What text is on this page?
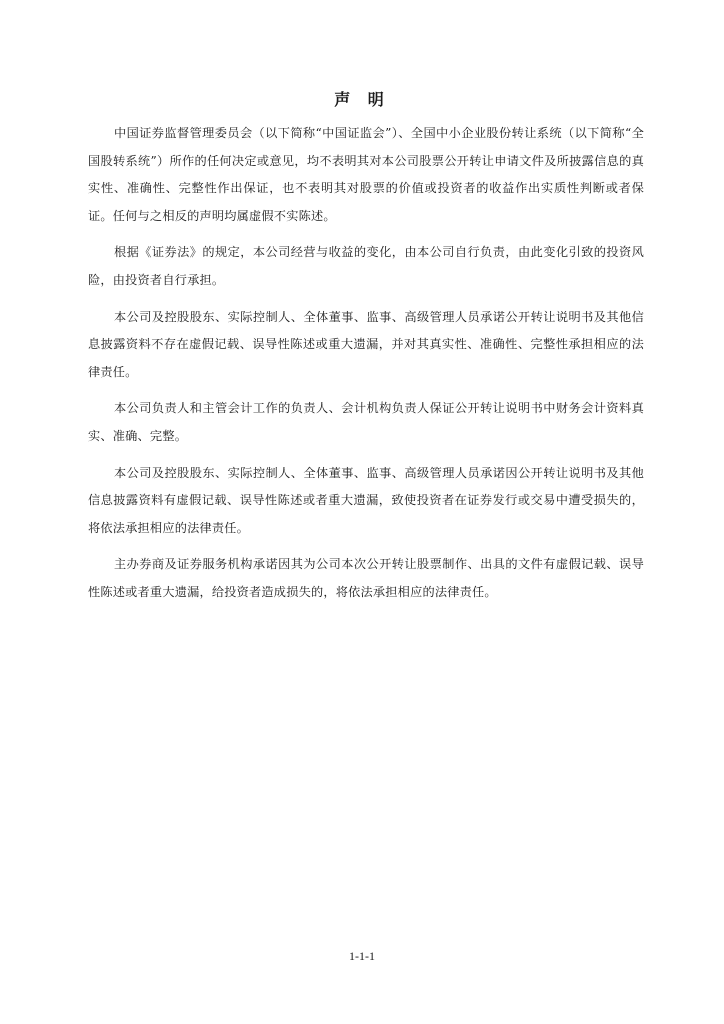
声 明

中国证券监督管理委员会（以下简称“中国证监会”）、全国中小企业股份转让系统（以下简称“全国股转系统”）所作的任何决定或意见，均不表明其对本公司股票公开转让申请文件及所披露信息的真实性、准确性、完整性作出保证，也不表明其对股票的价值或投资者的收益作出实质性判断或者保证。任何与之相反的声明均属虚假不实陈述。

根据《证券法》的规定，本公司经营与收益的变化，由本公司自行负责，由此变化引致的投资风险，由投资者自行承担。

本公司及控股股东、实际控制人、全体董事、监事、高级管理人员承诺公开转让说明书及其他信息披露资料不存在虚假记载、误导性陈述或重大遗漏，并对其真实性、准确性、完整性承担相应的法律责任。

本公司负责人和主管会计工作的负责人、会计机构负责人保证公开转让说明书中财务会计资料真实、准确、完整。

本公司及控股股东、实际控制人、全体董事、监事、高级管理人员承诺因公开转让说明书及其他信息披露资料有虚假记载、误导性陈述或者重大遗漏，致使投资者在证券发行或交易中遭受损失的，将依法承担相应的法律责任。

主办券商及证券服务机构承诺因其为公司本次公开转让股票制作、出具的文件有虚假记载、误导性陈述或者重大遗漏，给投资者造成损失的，将依法承担相应的法律责任。

1-1-1
